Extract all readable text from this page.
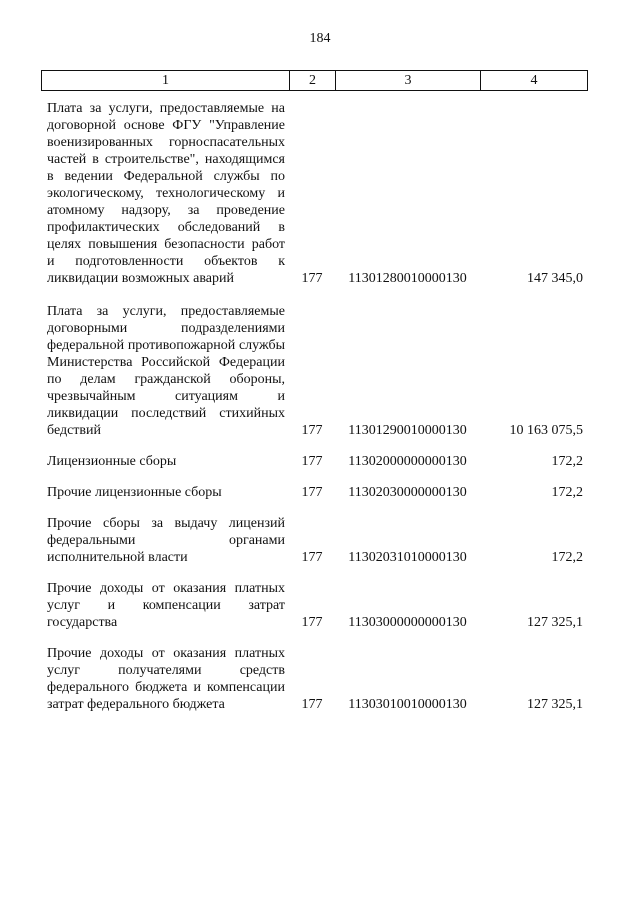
184
1	2	3	4
Плата за услуги, предоставляемые на договорной основе ФГУ "Управление военизированных горноспасательных частей в строительстве", находящимся в ведении Федеральной службы по экологическому, технологическому и атомному надзору, за проведение профилактических обследований в целях повышения безопасности работ и подготовленности объектов к ликвидации возможных аварий	177	11301280010000130	147 345,0
Плата за услуги, предоставляемые договорными подразделениями федеральной противопожарной службы Министерства Российской Федерации по делам гражданской обороны, чрезвычайным ситуациям и ликвидации последствий стихийных бедствий	177	11301290010000130	10 163 075,5
Лицензионные сборы	177	11302000000000130	172,2
Прочие лицензионные сборы	177	11302030000000130	172,2
Прочие сборы за выдачу лицензий федеральными органами исполнительной власти	177	11302031010000130	172,2
Прочие доходы от оказания платных услуг и компенсации затрат государства	177	11303000000000130	127 325,1
Прочие доходы от оказания платных услуг получателями средств федерального бюджета и компенсации затрат федерального бюджета	177	11303010010000130	127 325,1
